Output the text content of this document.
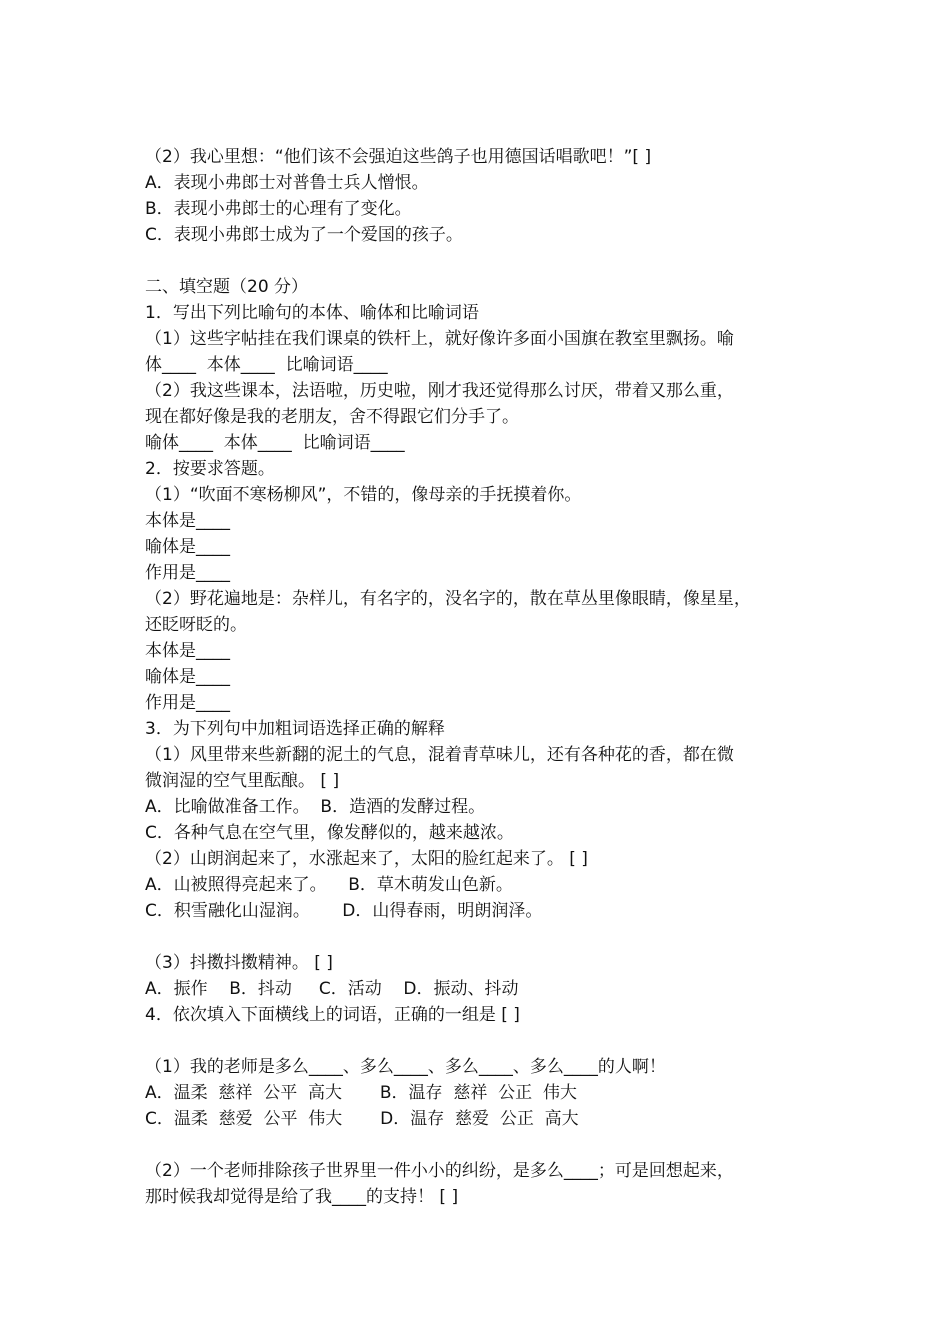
（2）我心里想：“他们该不会强迫这些鸽子也用德国话唱歌吧！”[ ]
A．表现小弗郎士对普鲁士兵人憎恨。
B．表现小弗郎士的心理有了变化。
C．表现小弗郎士成为了一个爱国的孩子。
二、填空题（20 分）
1．写出下列比喻句的本体、喻体和比喻词语
（1）这些字帖挂在我们课桌的铁杆上，就好像许多面小国旗在教室里飘扬。喻
体____  本体____  比喻词语____
（2）我这些课本，法语啦，历史啦，刚才我还觉得那么讨厌，带着又那么重，
现在都好像是我的老朋友，舍不得跟它们分手了。
喻体____  本体____  比喻词语____
2．按要求答题。
（1）“吹面不寒杨柳风”，不错的，像母亲的手抚摸着你。
本体是____
喻体是____
作用是____
（2）野花遍地是：杂样儿，有名字的，没名字的，散在草丛里像眼睛，像星星，
还眨呀眨的。
本体是____
喻体是____
作用是____
3．为下列句中加粗词语选择正确的解释
（1）风里带来些新翻的泥土的气息，混着青草味儿，还有各种花的香，都在微
微润湿的空气里酝酿。 [ ]
A．比喻做准备工作。  B．造酒的发酵过程。
C．各种气息在空气里，像发酵似的，越来越浓。
（2）山朗润起来了，水涨起来了，太阳的脸红起来了。 [ ]
A．山被照得亮起来了。    B．草木萌发山色新。
C．积雪融化山湿润。      D．山得春雨，明朗润泽。
（3）抖擞抖擞精神。 [ ]
A．振作    B．抖动     C．活动    D．振动、抖动
4．依次填入下面横线上的词语，正确的一组是 [ ]
（1）我的老师是多么____、多么____、多么____、多么____的人啊！
A．温柔  慈祥  公平  高大       B．温存  慈祥  公正  伟大
C．温柔  慈爱  公平  伟大       D．温存  慈爱  公正  高大
（2）一个老师排除孩子世界里一件小小的纠纷，是多么____；可是回想起来，
那时候我却觉得是给了我____的支持！ [ ]
